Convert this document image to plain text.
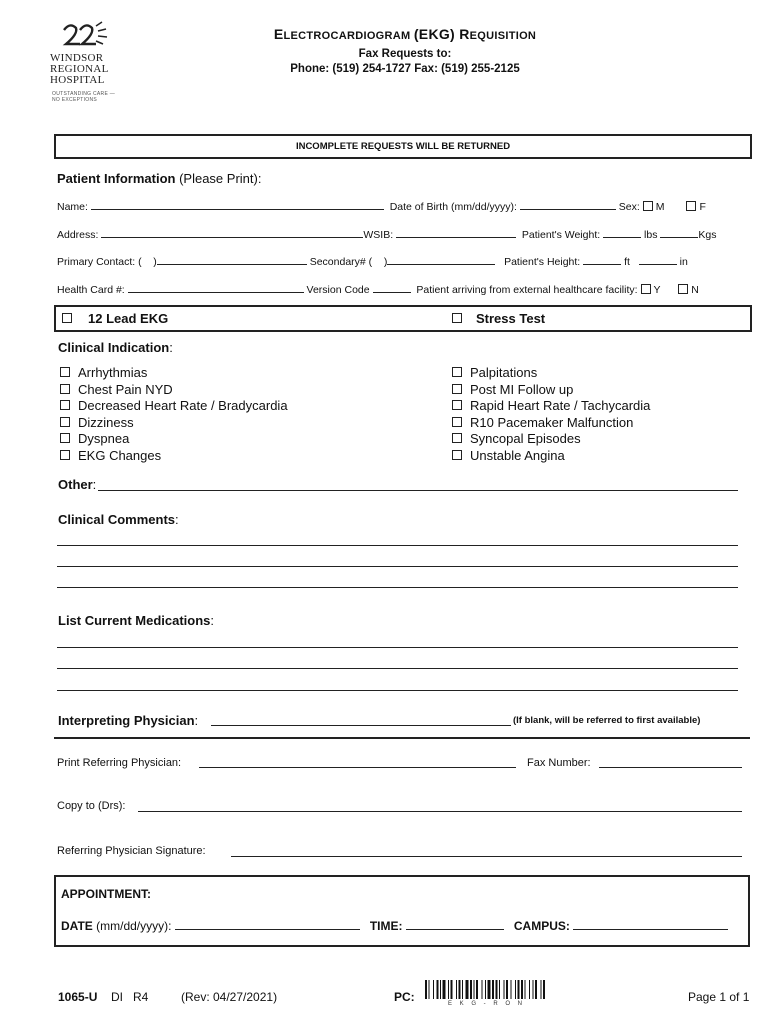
WINDSOR
REGIONAL
HOSPITAL
OUTSTANDING CARE —
NO EXCEPTIONS
ELECTROCARDIOGRAM (EKG) REQUISITION
Fax Requests to:
Phone: (519) 254-1727 Fax: (519) 255-2125
INCOMPLETE REQUESTS WILL BE RETURNED
Patient Information (Please Print):
Name:	Date of Birth (mm/dd/yyyy):	Sex: M	F
Address:	WSIB:	Patient's Weight:	lbs	Kgs
Primary Contact: ( )	Secondary# ( )	Patient's Height:	ft	in
Health Card #:	Version Code	Patient arriving from external healthcare facility: Y	N
12 Lead EKG	Stress Test
Clinical Indication:
Arrhythmias
Chest Pain NYD
Decreased Heart Rate / Bradycardia
Dizziness
Dyspnea
EKG Changes
Palpitations
Post MI Follow up
Rapid Heart Rate / Tachycardia
R10 Pacemaker Malfunction
Syncopal Episodes
Unstable Angina
Other:
Clinical Comments:
List Current Medications:
Interpreting Physician:	(If blank, will be referred to first available)
Print Referring Physician:	Fax Number:
Copy to (Drs):
Referring Physician Signature:
APPOINTMENT:
DATE (mm/dd/yyyy):	TIME:	CAMPUS:
1065-U DI R4	(Rev: 04/27/2021)	PC:	E K G - R O N	Page 1 of 1
